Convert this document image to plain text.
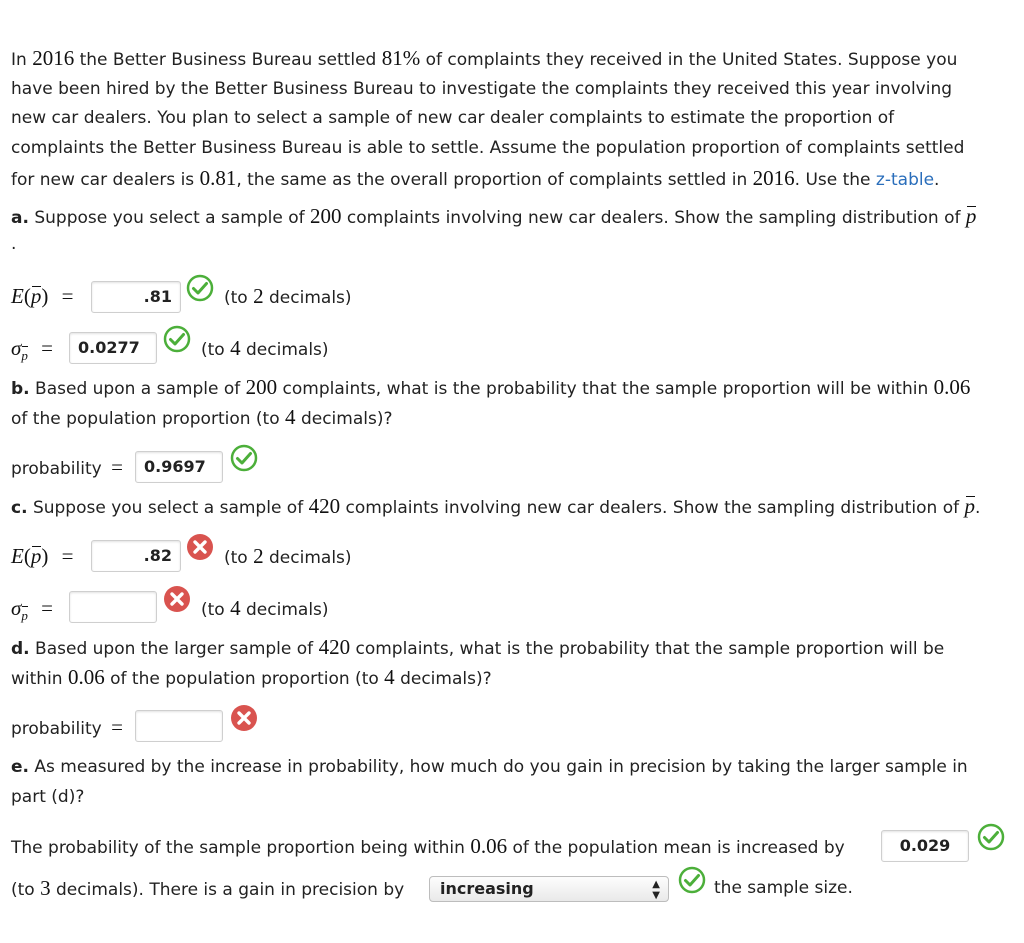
In 2016 the Better Business Bureau settled 81% of complaints they received in the United States. Suppose you
have been hired by the Better Business Bureau to investigate the complaints they received this year involving
new car dealers. You plan to select a sample of new car dealer complaints to estimate the proportion of
complaints the Better Business Bureau is able to settle. Assume the population proportion of complaints settled
for new car dealers is 0.81, the same as the overall proportion of complaints settled in 2016. Use the z-table.
a. Suppose you select a sample of 200 complaints involving new car dealers. Show the sampling distribution of p
.
E(p) =	.81	(to 2 decimals)
$\sigma_p$ =	0.0277	(to 4 decimals)
b. Based upon a sample of 200 complaints, what is the probability that the sample proportion will be within 0.06
of the population proportion (to 4 decimals)?
probability =	0.9697
c. Suppose you select a sample of 420 complaints involving new car dealers. Show the sampling distribution of p.
E(p) =	.82	(to 2 decimals)
$\sigma_p$ =	(to 4 decimals)
d. Based upon the larger sample of 420 complaints, what is the probability that the sample proportion will be
within 0.06 of the population proportion (to 4 decimals)?
probability =
e. As measured by the increase in probability, how much do you gain in precision by taking the larger sample in
part (d)?
The probability of the sample proportion being within 0.06 of the population mean is increased by	0.029
(to 3 decimals). There is a gain in precision by	increasing	▲
▼	the sample size.
